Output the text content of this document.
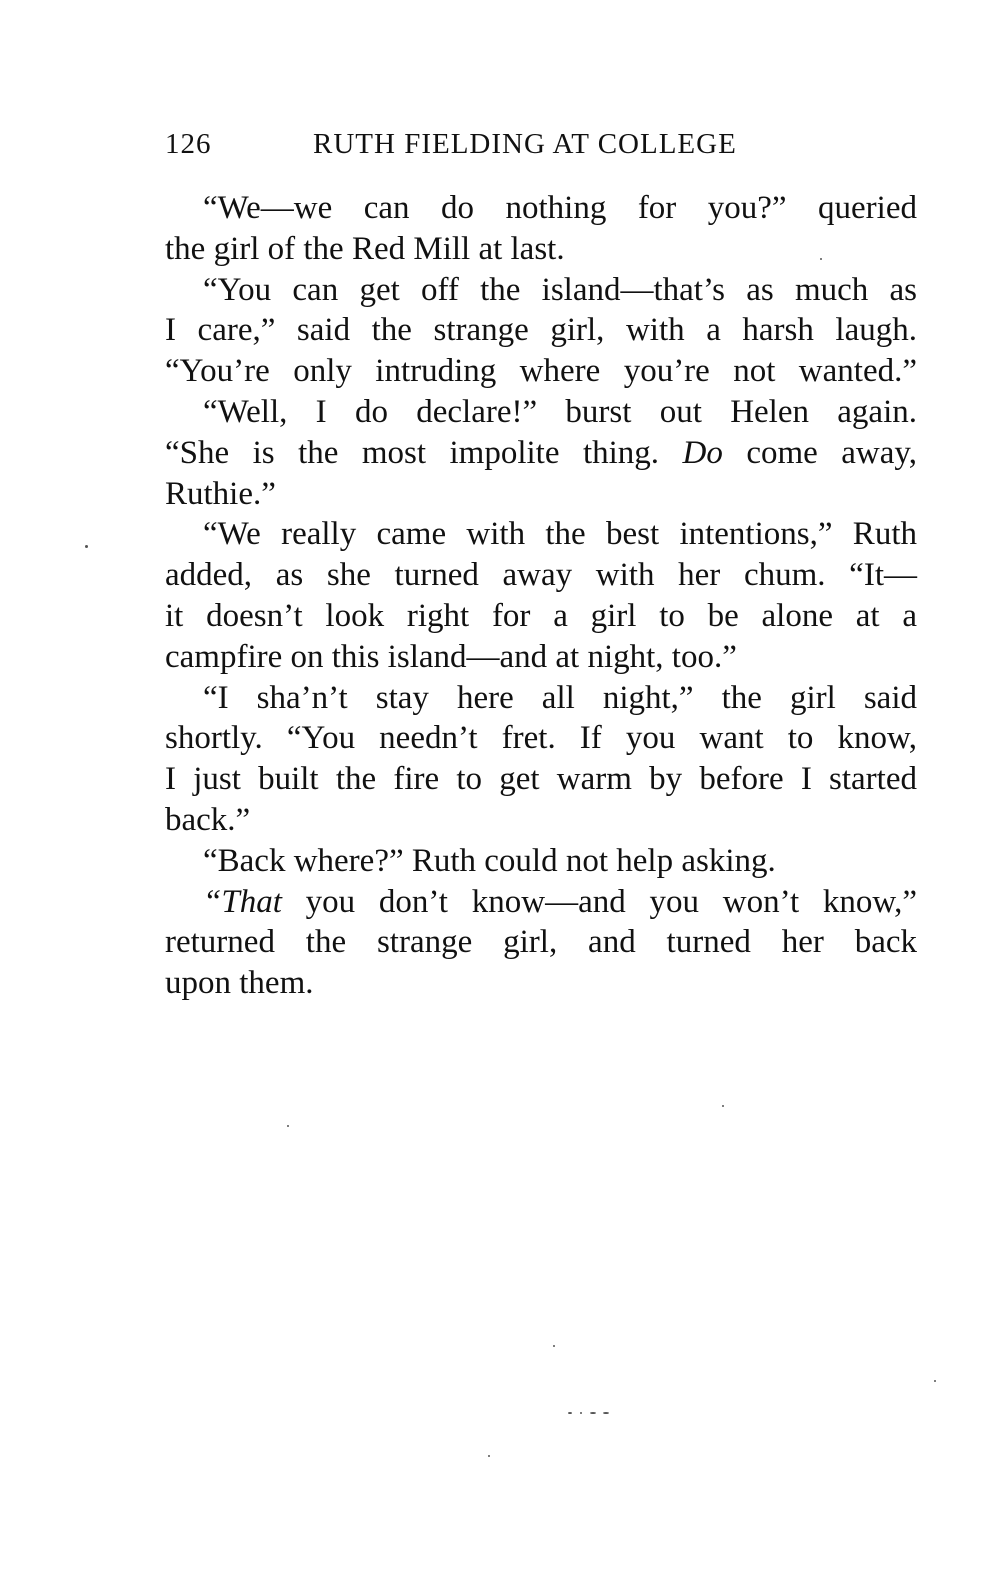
126	RUTH FIELDING AT COLLEGE
“We—we can do nothing for you?” queried
the girl of the Red Mill at last.
“You can get off the island—that’s as much as
I care,” said the strange girl, with a harsh laugh.
“You’re only intruding where you’re not wanted.”
“Well, I do declare!” burst out Helen again.
“She is the most impolite thing. Do come away,
Ruthie.”
“We really came with the best intentions,” Ruth
added, as she turned away with her chum. “It—
it doesn’t look right for a girl to be alone at a
campfire on this island—and at night, too.”
“I sha’n’t stay here all night,” the girl said
shortly. “You needn’t fret. If you want to know,
I just built the fire to get warm by before I started
back.”
“Back where?” Ruth could not help asking.
“That you don’t know—and you won’t know,”
returned the strange girl, and turned her back
upon them.
